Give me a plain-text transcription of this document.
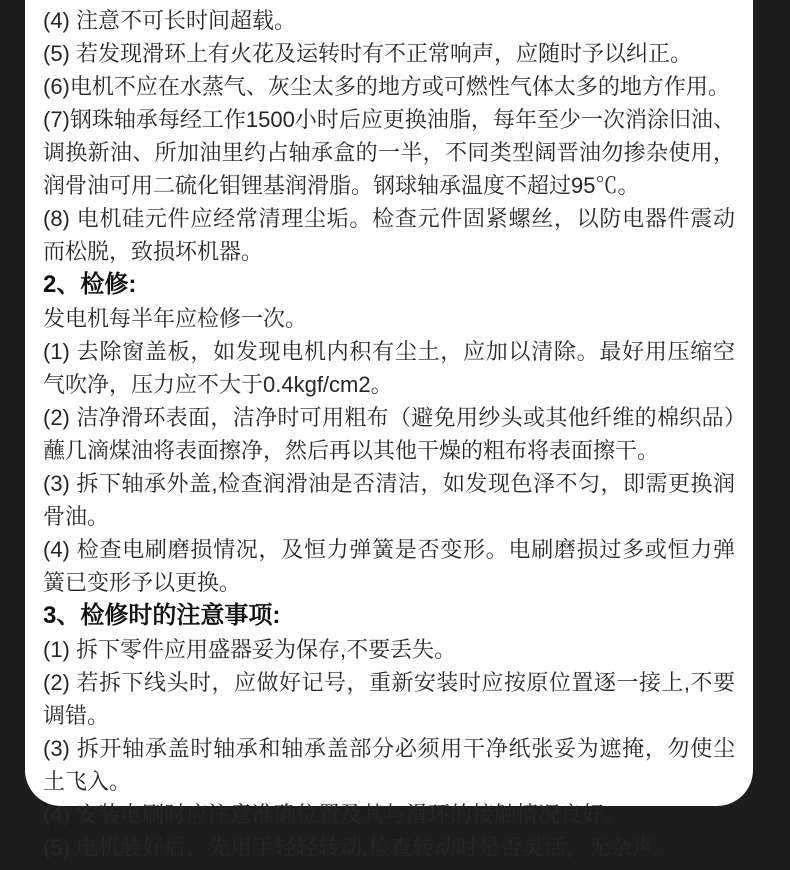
(4) 注意不可长时间超载。

(5) 若发现滑环上有火花及运转时有不正常响声，应随时予以纠正。

(6)电机不应在水蒸气、灰尘太多的地方或可燃性气体太多的地方作用。

(7)钢珠轴承每经工作1500小时后应更换油脂，每年至少一次消涂旧油、调换新油、所加油里约占轴承盒的一半，不同类型阔晋油勿掺杂使用，润骨油可用二硫化钼锂基润滑脂。钢球轴承温度不超过95℃。

(8) 电机硅元件应经常清理尘垢。检查元件固紧螺丝，以防电器件震动而松脱，致损坏机器。

2、检修:

发电机每半年应检修一次。

(1) 去除窗盖板，如发现电机内积有尘土，应加以清除。最好用压缩空气吹净，压力应不大于0.4kgf/cm2。

(2) 洁净滑环表面，洁净时可用粗布（避免用纱头或其他纤维的棉织品）蘸几滴煤油将表面擦净，然后再以其他干燥的粗布将表面擦干。

(3) 拆下轴承外盖,检查润滑油是否清洁，如发现色泽不匀，即需更换润骨油。

(4) 检查电刷磨损情况，及恒力弹簧是否变形。电刷磨损过多或恒力弹簧已变形予以更换。

3、检修时的注意事项:

(1) 拆下零件应用盛器妥为保存,不要丢失。

(2) 若拆下线头时，应做好记号，重新安装时应按原位置逐一接上,不要调错。

(3) 拆开轴承盖时轴承和轴承盖部分必须用干净纸张妥为遮掩，勿使尘土飞入。

(4) 安装电刷时应注意准确位置及其与滑环的接触情况良好。

(5) 电机装好后，先用手轻轻转动,检查转动时是否灵活，无杂声。
